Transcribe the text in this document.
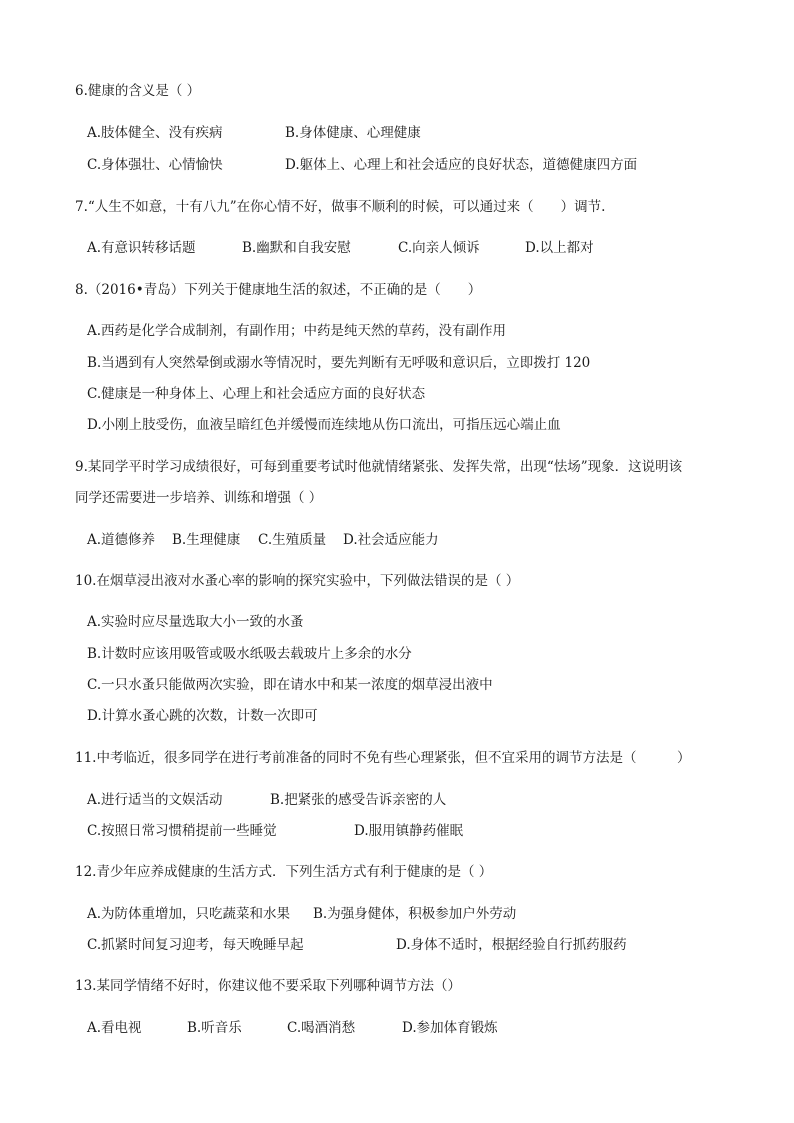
6.健康的含义是（ ）
A.肢体健全、没有疾病	B.身体健康、心理健康
C.身体强壮、心情愉快	D.躯体上、心理上和社会适应的良好状态，道德健康四方面
7.“人生不如意，十有八九”在你心情不好，做事不顺利的时候，可以通过来（　　）调节.
A.有意识转移话题	B.幽默和自我安慰	C.向亲人倾诉	D.以上都对
8.（2016•青岛）下列关于健康地生活的叙述，不正确的是（　　）
A.西药是化学合成制剂，有副作用；中药是纯天然的草药，没有副作用
B.当遇到有人突然晕倒或溺水等情况时，要先判断有无呼吸和意识后，立即拨打 120
C.健康是一种身体上、心理上和社会适应方面的良好状态
D.小刚上肢受伤，血液呈暗红色并缓慢而连续地从伤口流出，可指压远心端止血
9.某同学平时学习成绩很好，可每到重要考试时他就情绪紧张、发挥失常，出现“怯场”现象．这说明该
同学还需要进一步培养、训练和增强（ ）
A.道德修养 B.生理健康 C.生殖质量 D.社会适应能力
10.在烟草浸出液对水蚤心率的影响的探究实验中，下列做法错误的是（ ）
A.实验时应尽量选取大小一致的水蚤
B.计数时应该用吸管或吸水纸吸去载玻片上多余的水分
C.一只水蚤只能做两次实验，即在请水中和某一浓度的烟草浸出液中
D.计算水蚤心跳的次数，计数一次即可
11.中考临近，很多同学在进行考前准备的同时不免有些心理紧张，但不宜采用的调节方法是（　　　）
A.进行适当的文娱活动	B.把紧张的感受告诉亲密的人
C.按照日常习惯稍提前一些睡觉	D.服用镇静药催眠
12.青少年应养成健康的生活方式．下列生活方式有利于健康的是（ ）
A.为防体重增加，只吃蔬菜和水果 B.为强身健体，积极参加户外劳动
C.抓紧时间复习迎考，每天晚睡早起	D.身体不适时，根据经验自行抓药服药
13.某同学情绪不好时，你建议他不要采取下列哪种调节方法（）
A.看电视	B.听音乐	C.喝酒消愁	D.参加体育锻炼
